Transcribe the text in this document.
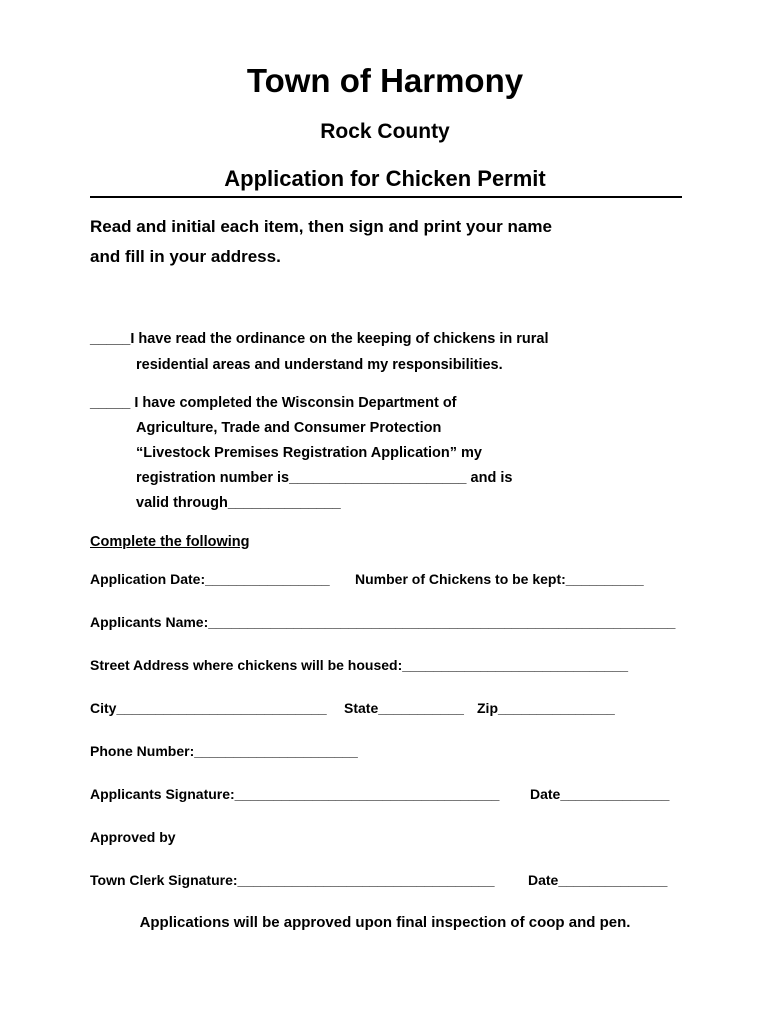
Town of Harmony
Rock County
Application for Chicken Permit
Read and initial each item, then sign and print your name
and fill in your address.
_____I have read the ordinance on the keeping of chickens in rural
residential areas and understand my responsibilities.
_____ I have completed the Wisconsin Department of
Agriculture, Trade and Consumer Protection
“Livestock Premises Registration Application” my
registration number is______________________ and is
valid through______________
Complete the following
Application Date:________________ Number of Chickens to be kept:__________
Applicants Name:____________________________________________________________
Street Address where chickens will be housed:_____________________________
City___________________________ State___________ Zip_______________
Phone Number:_____________________
Applicants Signature:__________________________________ Date______________
Approved by
Town Clerk Signature:_________________________________ Date______________
Applications will be approved upon final inspection of coop and pen.
